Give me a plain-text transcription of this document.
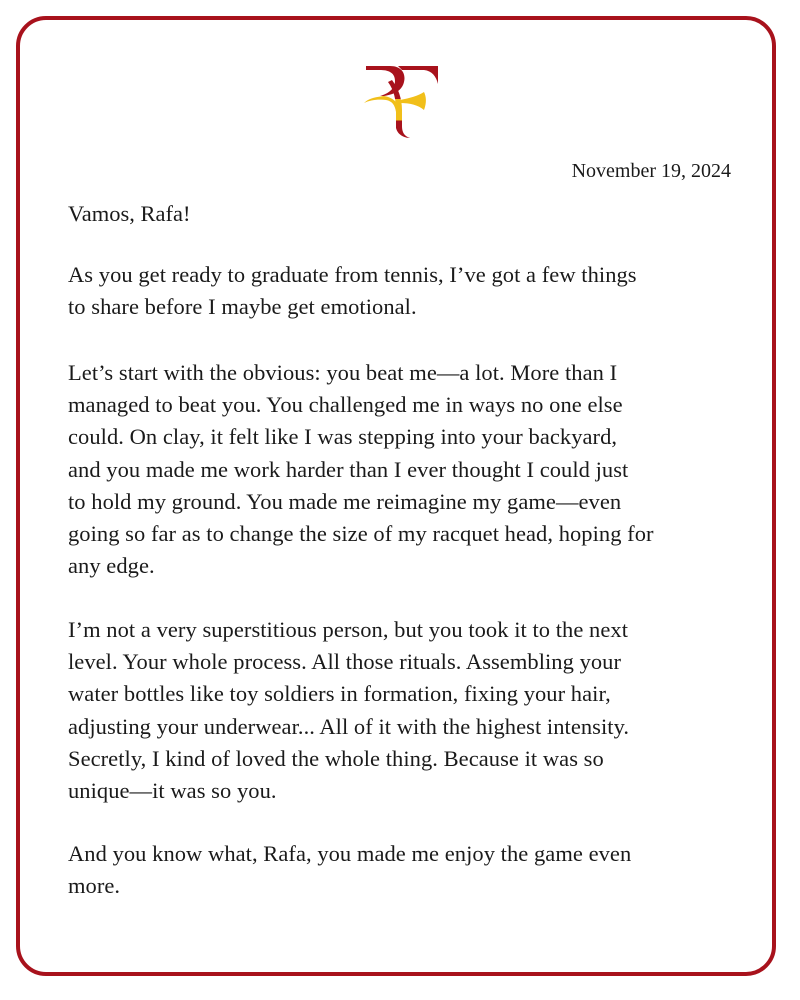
November 19, 2024
Vamos, Rafa!
As you get ready to graduate from tennis, I’ve got a few things
to share before I maybe get emotional.
Let’s start with the obvious: you beat me—a lot. More than I
managed to beat you. You challenged me in ways no one else
could. On clay, it felt like I was stepping into your backyard,
and you made me work harder than I ever thought I could just
to hold my ground. You made me reimagine my game—even
going so far as to change the size of my racquet head, hoping for
any edge.
I’m not a very superstitious person, but you took it to the next
level. Your whole process. All those rituals. Assembling your
water bottles like toy soldiers in formation, fixing your hair,
adjusting your underwear... All of it with the highest intensity.
Secretly, I kind of loved the whole thing. Because it was so
unique—it was so you.
And you know what, Rafa, you made me enjoy the game even
more.
